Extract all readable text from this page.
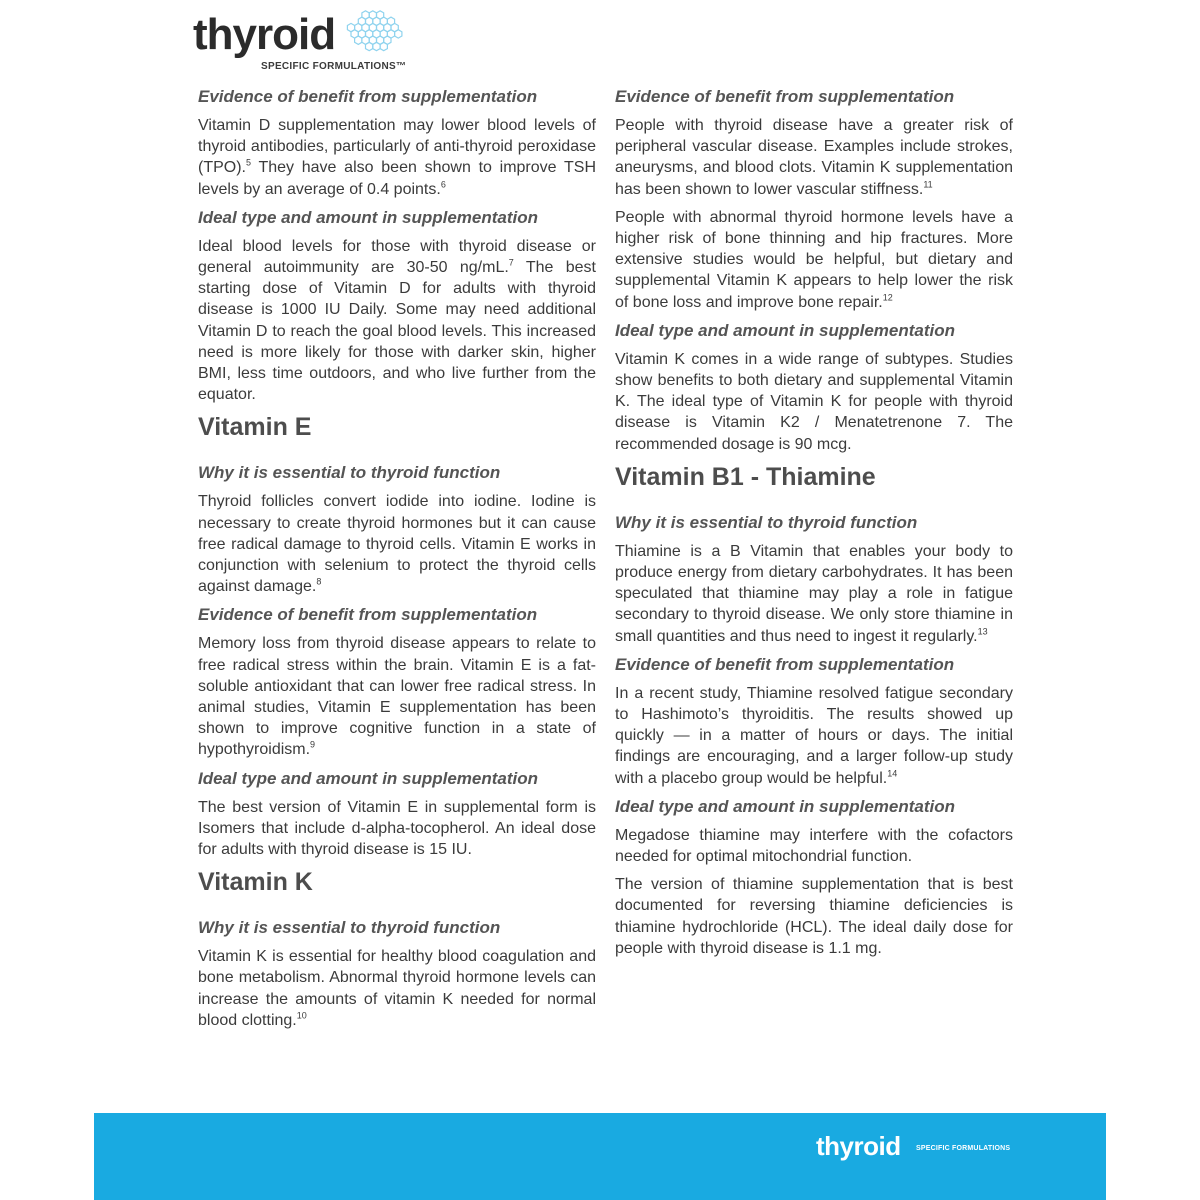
thyroid
SPECIFIC FORMULATIONS™
Evidence of benefit from supplementation

Vitamin D supplementation may lower blood levels of thyroid antibodies, particularly of anti-thyroid peroxidase (TPO).$^5$ They have also been shown to improve TSH levels by an average of 0.4 points.$^6$

Ideal type and amount in supplementation

Ideal blood levels for those with thyroid disease or general autoimmunity are 30-50 ng/mL.$^7$ The best starting dose of Vitamin D for adults with thyroid disease is 1000 IU Daily. Some may need additional Vitamin D to reach the goal blood levels. This increased need is more likely for those with darker skin, higher BMI, less time outdoors, and who live further from the equator.

Vitamin E
Why it is essential to thyroid function

Thyroid follicles convert iodide into iodine. Iodine is necessary to create thyroid hormones but it can cause free radical damage to thyroid cells. Vitamin E works in conjunction with selenium to protect the thyroid cells against damage.$^8$

Evidence of benefit from supplementation

Memory loss from thyroid disease appears to relate to free radical stress within the brain. Vitamin E is a fat-soluble antioxidant that can lower free radical stress. In animal studies, Vitamin E supplementation has been shown to improve cognitive function in a state of hypothyroidism.$^9$

Ideal type and amount in supplementation

The best version of Vitamin E in supplemental form is Isomers that include d-alpha-tocopherol. An ideal dose for adults with thyroid disease is 15 IU.

Vitamin K
Why it is essential to thyroid function

Vitamin K is essential for healthy blood coagulation and bone metabolism. Abnormal thyroid hormone levels can increase the amounts of vitamin K needed for normal blood clotting.$^{10}$

Evidence of benefit from supplementation

People with thyroid disease have a greater risk of peripheral vascular disease. Examples include strokes, aneurysms, and blood clots. Vitamin K supplementation has been shown to lower vascular stiffness.$^{11}$

People with abnormal thyroid hormone levels have a higher risk of bone thinning and hip fractures. More extensive studies would be helpful, but dietary and supplemental Vitamin K appears to help lower the risk of bone loss and improve bone repair.$^{12}$

Ideal type and amount in supplementation

Vitamin K comes in a wide range of subtypes. Studies show benefits to both dietary and supplemental Vitamin K. The ideal type of Vitamin K for people with thyroid disease is Vitamin K2 / Menatetrenone 7. The recommended dosage is 90 mcg.

Vitamin B1 - Thiamine
Why it is essential to thyroid function

Thiamine is a B Vitamin that enables your body to produce energy from dietary carbohydrates. It has been speculated that thiamine may play a role in fatigue secondary to thyroid disease. We only store thiamine in small quantities and thus need to ingest it regularly.$^{13}$

Evidence of benefit from supplementation

In a recent study, Thiamine resolved fatigue secondary to Hashimoto’s thyroiditis. The results showed up quickly — in a matter of hours or days. The initial findings are encouraging, and a larger follow-up study with a placebo group would be helpful.$^{14}$

Ideal type and amount in supplementation

Megadose thiamine may interfere with the cofactors needed for optimal mitochondrial function.

The version of thiamine supplementation that is best documented for reversing thiamine deficiencies is thiamine hydrochloride (HCL). The ideal daily dose for people with thyroid disease is 1.1 mg.

thyroid SPECIFIC FORMULATIONS
